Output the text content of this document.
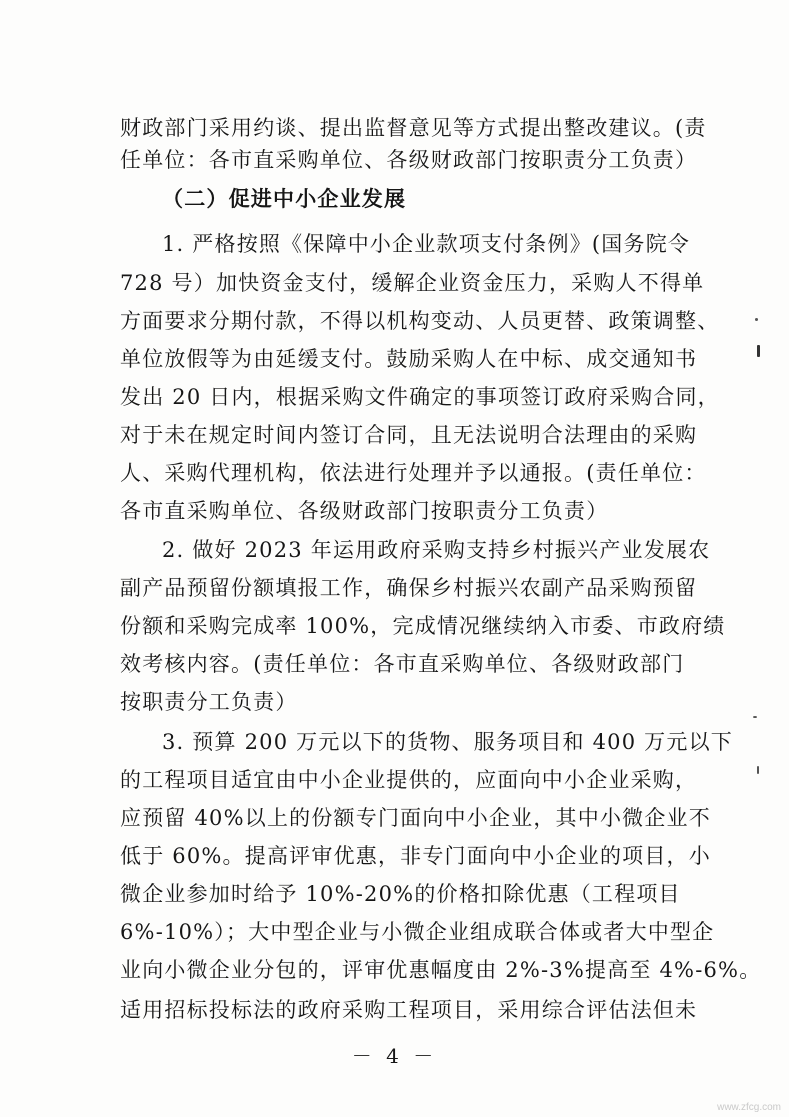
财政部门采用约谈、提出监督意见等方式提出整改建议。(责
任单位：各市直采购单位、各级财政部门按职责分工负责）
（二）促进中小企业发展
1. 严格按照《保障中小企业款项支付条例》(国务院令
728 号）加快资金支付，缓解企业资金压力，采购人不得单
方面要求分期付款，不得以机构变动、人员更替、政策调整、
单位放假等为由延缓支付。鼓励采购人在中标、成交通知书
发出 20 日内，根据采购文件确定的事项签订政府采购合同，
对于未在规定时间内签订合同，且无法说明合法理由的采购
人、采购代理机构，依法进行处理并予以通报。(责任单位：
各市直采购单位、各级财政部门按职责分工负责）
2. 做好 2023 年运用政府采购支持乡村振兴产业发展农
副产品预留份额填报工作，确保乡村振兴农副产品采购预留
份额和采购完成率 100%，完成情况继续纳入市委、市政府绩
效考核内容。(责任单位：各市直采购单位、各级财政部门
按职责分工负责）
3. 预算 200 万元以下的货物、服务项目和 400 万元以下
的工程项目适宜由中小企业提供的，应面向中小企业采购，
应预留 40%以上的份额专门面向中小企业，其中小微企业不
低于 60%。提高评审优惠，非专门面向中小企业的项目，小
微企业参加时给予 10%-20%的价格扣除优惠（工程项目
6%-10%）；大中型企业与小微企业组成联合体或者大中型企
业向小微企业分包的，评审优惠幅度由 2%-3%提高至 4%-6%。
适用招标投标法的政府采购工程项目，采用综合评估法但未
－ 4 －
www.zfcg.com
